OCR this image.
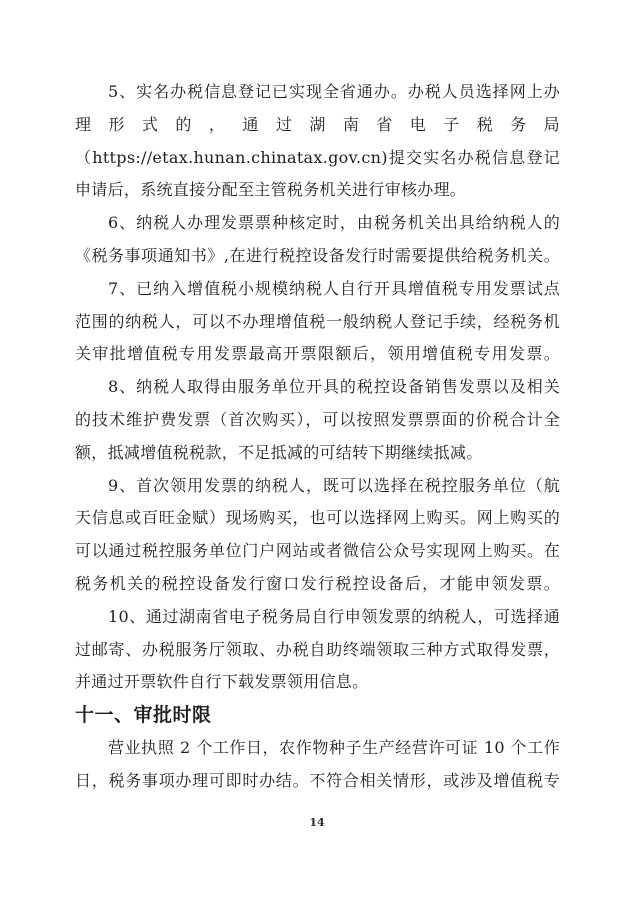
5、实名办税信息登记已实现全省通办。办税人员选择网上办
理形式的，通过湖南省电子税务局
（https://etax.hunan.chinatax.gov.cn)提交实名办税信息登记
申请后，系统直接分配至主管税务机关进行审核办理。
6、纳税人办理发票票种核定时，由税务机关出具给纳税人的
《税务事项通知书》,在进行税控设备发行时需要提供给税务机关。
7、已纳入增值税小规模纳税人自行开具增值税专用发票试点
范围的纳税人，可以不办理增值税一般纳税人登记手续，经税务机
关审批增值税专用发票最高开票限额后，领用增值税专用发票。
8、纳税人取得由服务单位开具的税控设备销售发票以及相关
的技术维护费发票（首次购买），可以按照发票票面的价税合计全
额，抵减增值税税款，不足抵减的可结转下期继续抵减。
9、首次领用发票的纳税人，既可以选择在税控服务单位（航
天信息或百旺金赋）现场购买，也可以选择网上购买。网上购买的
可以通过税控服务单位门户网站或者微信公众号实现网上购买。在
税务机关的税控设备发行窗口发行税控设备后，才能申领发票。
10、通过湖南省电子税务局自行申领发票的纳税人，可选择通
过邮寄、办税服务厅领取、办税自助终端领取三种方式取得发票，
并通过开票软件自行下载发票领用信息。
十一、审批时限
营业执照 2 个工作日，农作物种子生产经营许可证 10 个工作
日，税务事项办理可即时办结。不符合相关情形，或涉及增值税专
14
